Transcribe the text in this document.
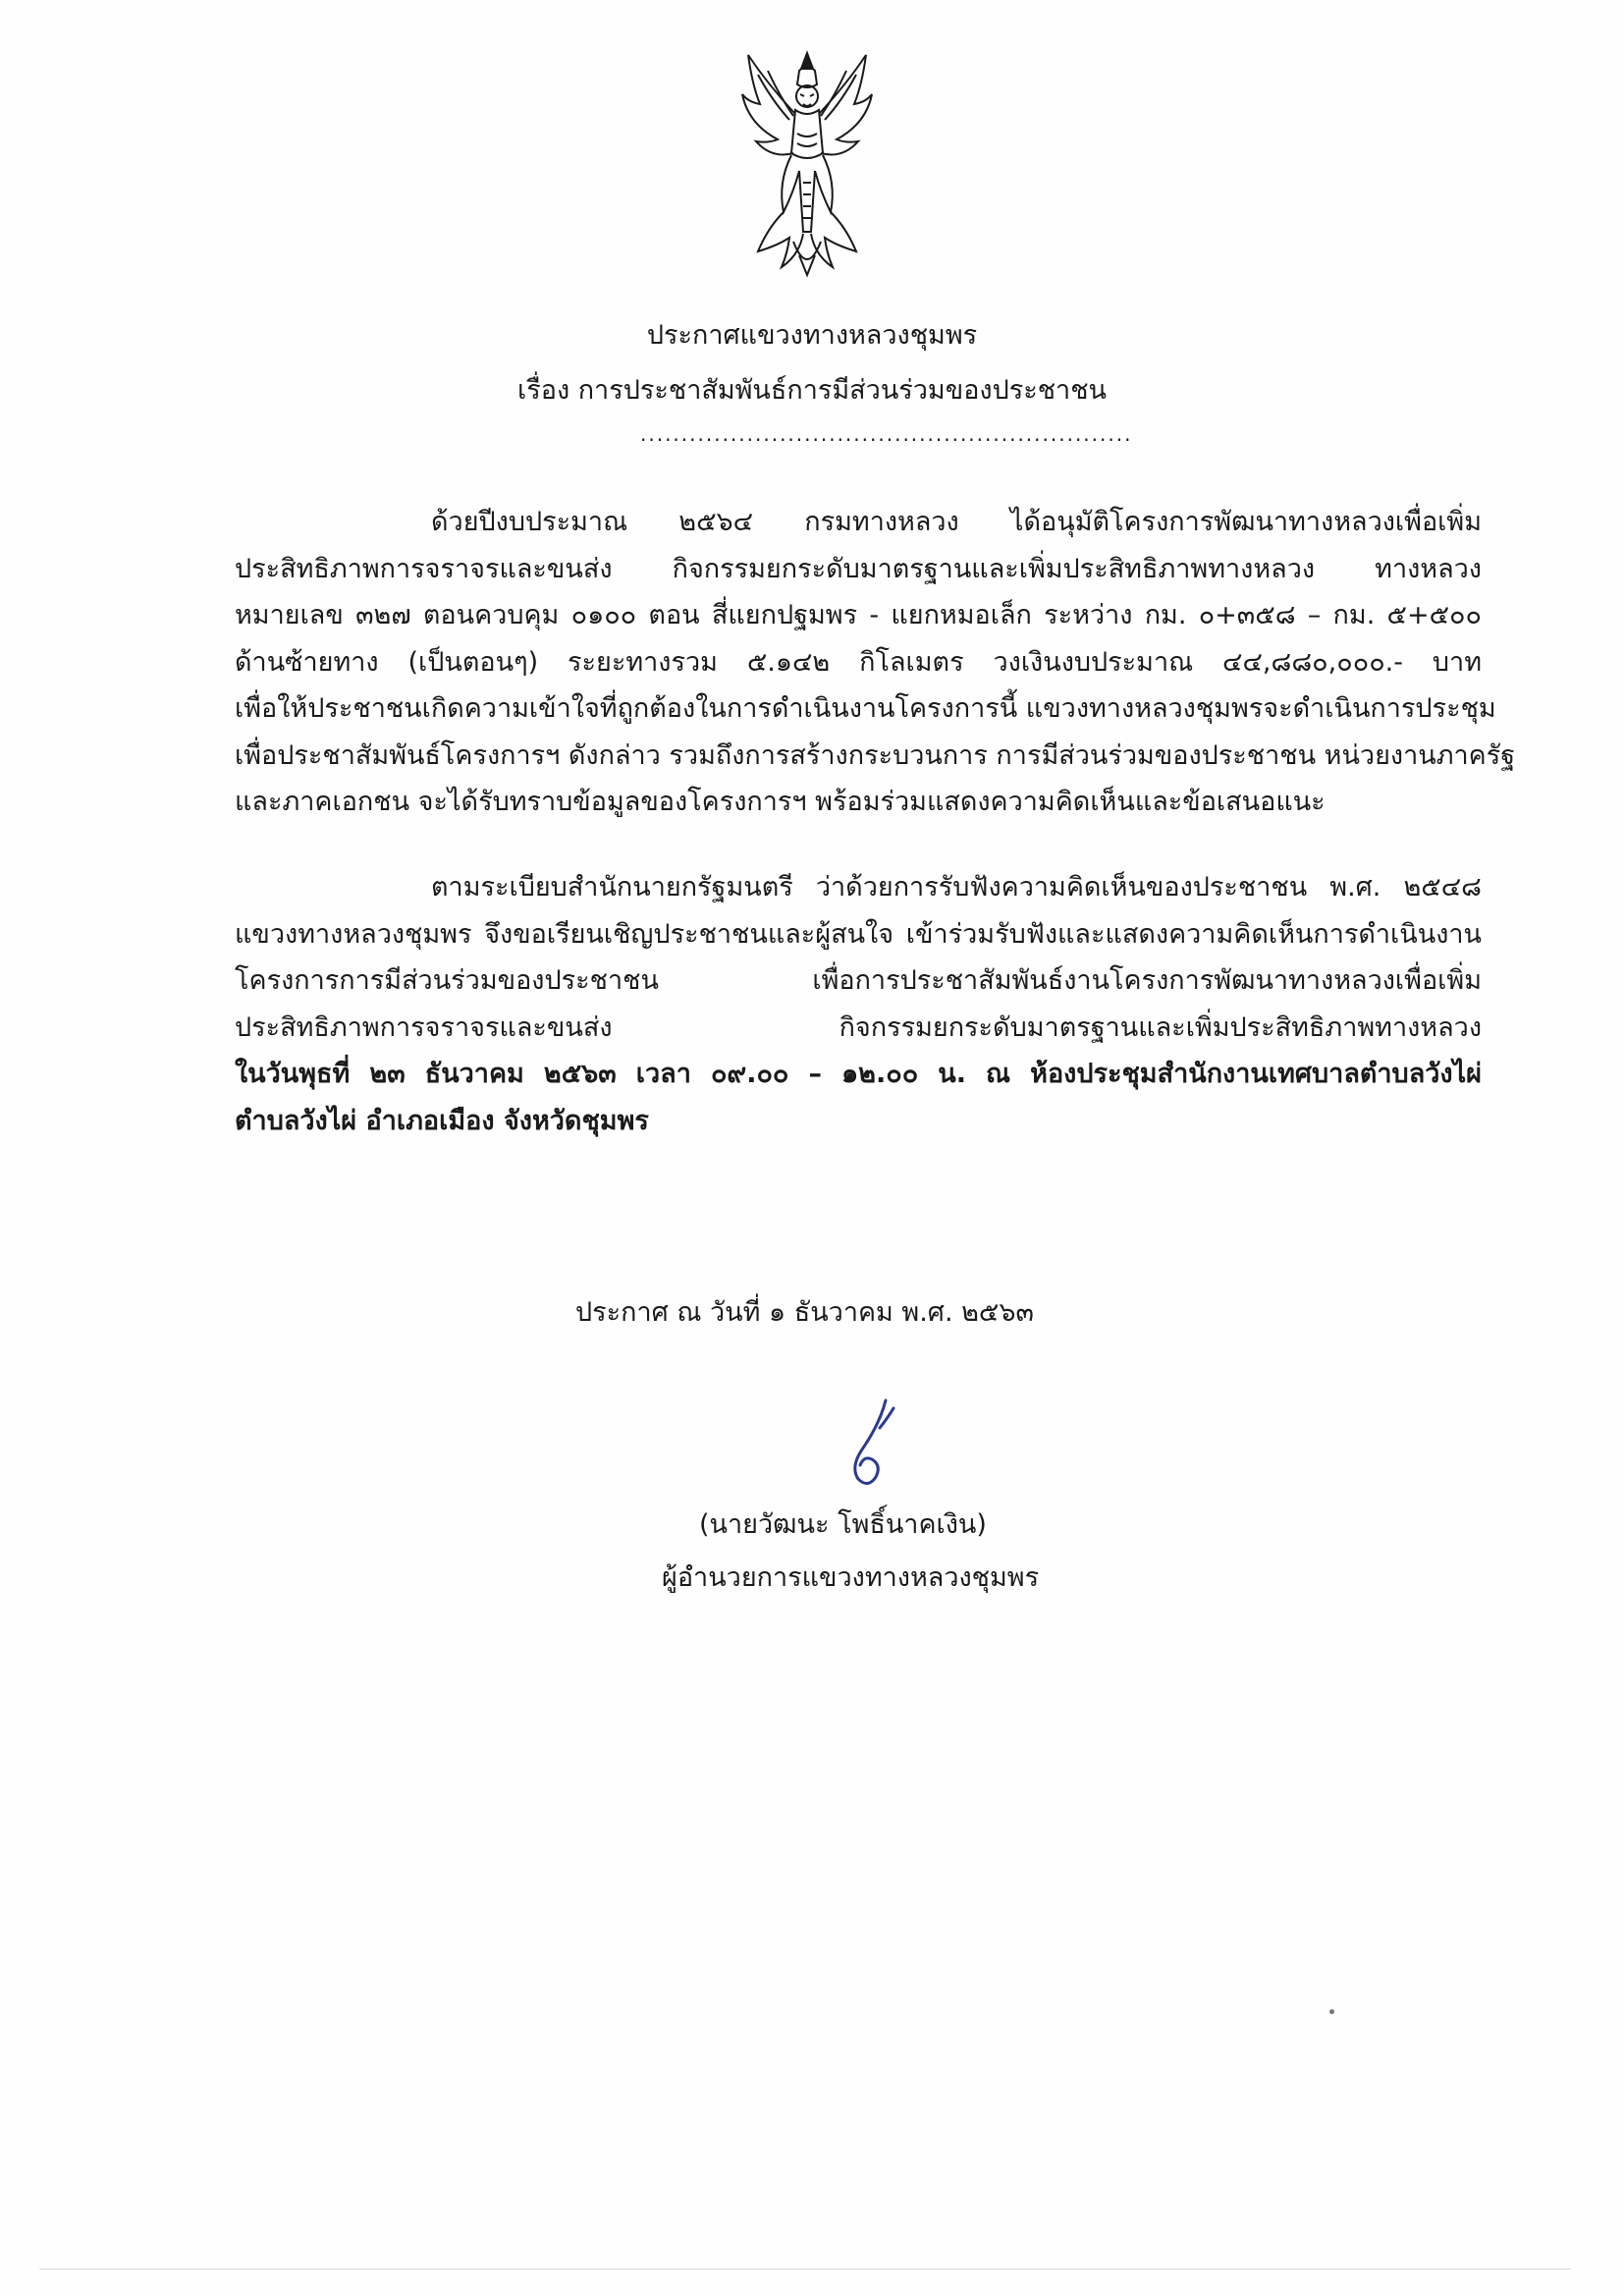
ประกาศแขวงทางหลวงชุมพร
เรื่อง การประชาสัมพันธ์การมีส่วนร่วมของประชาชน
............................................................
ด้วยปีงบประมาณ ๒๕๖๔ กรมทางหลวง ได้อนุมัติโครงการพัฒนาทางหลวงเพื่อเพิ่ม
ประสิทธิภาพการจราจรและขนส่ง กิจกรรมยกระดับมาตรฐานและเพิ่มประสิทธิภาพทางหลวง ทางหลวง
หมายเลข ๓๒๗ ตอนควบคุม ๐๑๐๐ ตอน สี่แยกปฐมพร - แยกหมอเล็ก ระหว่าง กม. ๐+๓๕๘ – กม. ๕+๕๐๐
ด้านซ้ายทาง (เป็นตอนๆ) ระยะทางรวม ๕.๑๔๒ กิโลเมตร วงเงินงบประมาณ ๔๔,๘๘๐,๐๐๐.- บาท
เพื่อให้ประชาชนเกิดความเข้าใจที่ถูกต้องในการดำเนินงานโครงการนี้ แขวงทางหลวงชุมพรจะดำเนินการประชุม
เพื่อประชาสัมพันธ์โครงการฯ ดังกล่าว รวมถึงการสร้างกระบวนการ การมีส่วนร่วมของประชาชน หน่วยงานภาครัฐ
และภาคเอกชน จะได้รับทราบข้อมูลของโครงการฯ พร้อมร่วมแสดงความคิดเห็นและข้อเสนอแนะ
ตามระเบียบสำนักนายกรัฐมนตรี ว่าด้วยการรับฟังความคิดเห็นของประชาชน พ.ศ. ๒๕๔๘
แขวงทางหลวงชุมพร จึงขอเรียนเชิญประชาชนและผู้สนใจ เข้าร่วมรับฟังและแสดงความคิดเห็นการดำเนินงาน
โครงการการมีส่วนร่วมของประชาชน เพื่อการประชาสัมพันธ์งานโครงการพัฒนาทางหลวงเพื่อเพิ่ม
ประสิทธิภาพการจราจรและขนส่ง กิจกรรมยกระดับมาตรฐานและเพิ่มประสิทธิภาพทางหลวง
ในวันพุธที่ ๒๓ ธันวาคม ๒๕๖๓ เวลา ๐๙.๐๐ – ๑๒.๐๐ น. ณ ห้องประชุมสำนักงานเทศบาลตำบลวังไผ่
ตำบลวังไผ่ อำเภอเมือง จังหวัดชุมพร
ประกาศ ณ วันที่ ๑ ธันวาคม พ.ศ. ๒๕๖๓
(นายวัฒนะ โพธิ์นาคเงิน)
ผู้อำนวยการแขวงทางหลวงชุมพร
